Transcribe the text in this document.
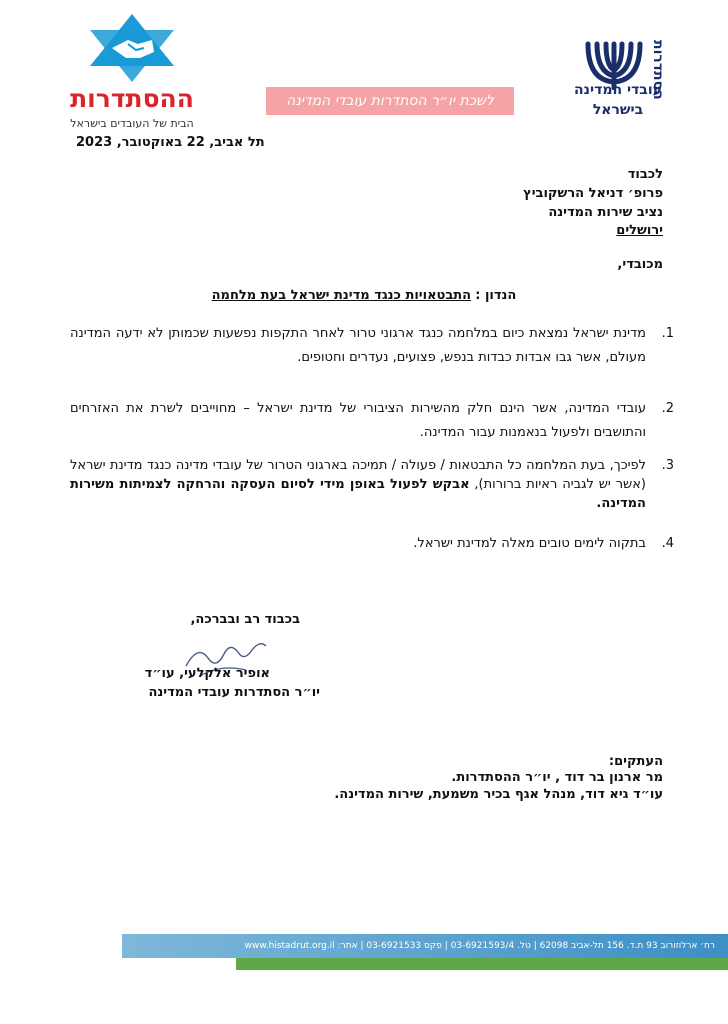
ההסתדרות
הבית של העובדים בישראל
לשכת יו״ר הסתדרות עובדי המדינה
הסתדרות
עובדי המדינה
בישראל
תל אביב, 22 באוקטובר, 2023
לכבוד
פרופ׳ דניאל הרשקוביץ
נציב שירות המדינה
ירושלים
מכובדי,
הנדון : התבטאויות כנגד מדינת ישראל בעת מלחמה
1.
מדינת ישראל נמצאת כיום במלחמה כנגד ארגוני טרור לאחר התקפות נפשעות שכמותן לא ידעה המדינה מעולם, אשר גבו אבדות כבדות בנפש, פצועים, נעדרים וחטופים.
2.
עובדי המדינה, אשר הינם חלק מהשירות הציבורי של מדינת ישראל – מחוייבים לשרת את האזרחים והתושבים ולפעול בנאמנות עבור המדינה.
3.
לפיכך, בעת המלחמה כל התבטאות / פעולה / תמיכה בארגוני הטרור של עובדי מדינה כנגד מדינת ישראל (אשר יש לגביה ראיות ברורות), אבקש לפעול באופן מידי לסיום העסקה והרחקה לצמיתות משירות המדינה.
4.
בתקוה לימים טובים מאלה למדינת ישראל.
בכבוד רב ובברכה,
אופיר אלקלעי, עו״ד
יו״ר הסתדרות עובדי המדינה
העתקים:
מר ארנון בר דוד , יו״ר ההסתדרות.
עו״ד גיא דוד, מנהל אגף בכיר משמעת, שירות המדינה.
רח׳ ארלוזורוב 93 ת.ד. 156 תל-אביב 62098 | טל. 03-6921593/4 | פקס 03-6921533 | אתר: www.histadrut.org.il
